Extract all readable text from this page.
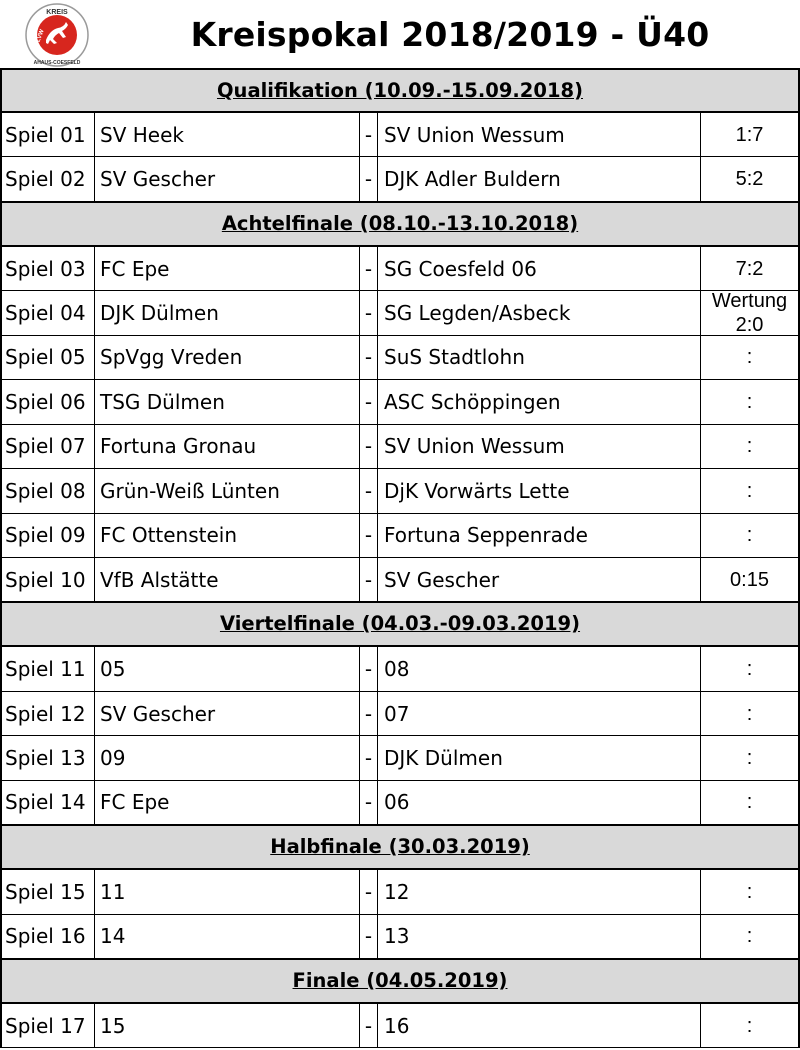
KREIS
AHAUS-COESFELD
FLVW	Kreispokal 2018/2019 - Ü40
Qualifikation (10.09.-15.09.2018)
Spiel 01 SV Heek	- SV Union Wessum	1:7
Spiel 02 SV Gescher	- DJK Adler Buldern	5:2
Achtelfinale (08.10.-13.10.2018)
Spiel 03 FC Epe	- SG Coesfeld 06	7:2
Spiel 04 DJK Dülmen	- SG Legden/Asbeck	Wertung
2:0
Spiel 05 SpVgg Vreden	- SuS Stadtlohn	:
Spiel 06 TSG Dülmen	- ASC Schöppingen	:
Spiel 07 Fortuna Gronau	- SV Union Wessum	:
Spiel 08 Grün-Weiß Lünten	- DjK Vorwärts Lette	:
Spiel 09 FC Ottenstein	- Fortuna Seppenrade	:
Spiel 10 VfB Alstätte	- SV Gescher	0:15
Viertelfinale (04.03.-09.03.2019)
Spiel 11 05	- 08	:
Spiel 12 SV Gescher	- 07	:
Spiel 13 09	- DJK Dülmen	:
Spiel 14 FC Epe	- 06	:
Halbfinale (30.03.2019)
Spiel 15 11	- 12	:
Spiel 16 14	- 13	:
Finale (04.05.2019)
Spiel 17 15	- 16	:
